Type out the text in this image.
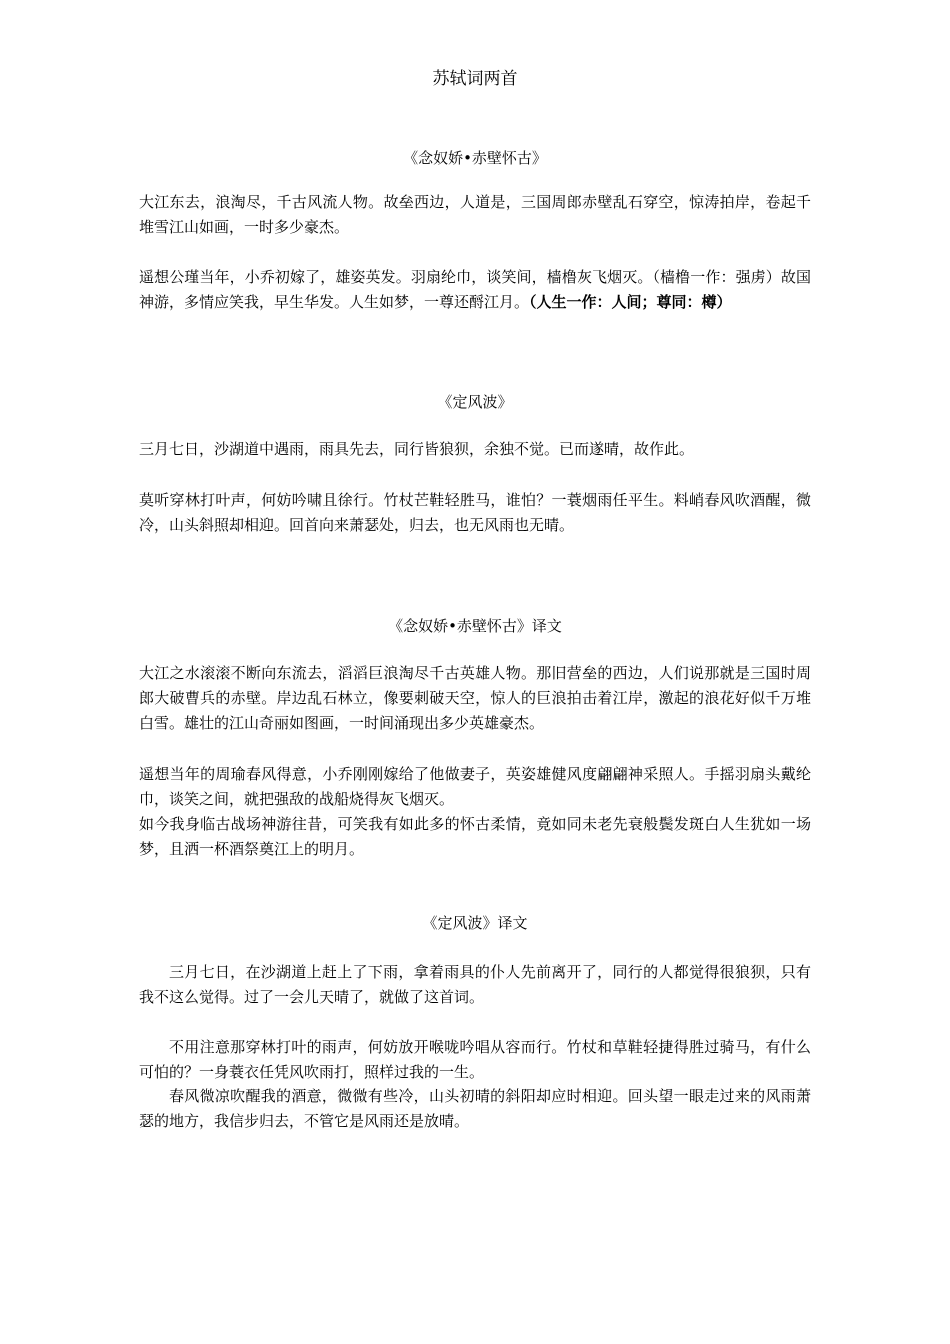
苏轼词两首
《念奴娇•赤壁怀古》

大江东去，浪淘尽，千古风流人物。故垒西边，人道是，三国周郎赤壁乱石穿空，惊涛拍岸，卷起千堆雪江山如画，一时多少豪杰。

遥想公瑾当年，小乔初嫁了，雄姿英发。羽扇纶巾，谈笑间，樯橹灰飞烟灭。（樯橹一作：强虏）故国神游，多情应笑我，早生华发。人生如梦，一尊还酹江月。（人生一作：人间；尊同：樽）

《定风波》

三月七日，沙湖道中遇雨，雨具先去，同行皆狼狈，余独不觉。已而遂晴，故作此。

莫听穿林打叶声，何妨吟啸且徐行。竹杖芒鞋轻胜马，谁怕？一蓑烟雨任平生。料峭春风吹酒醒，微冷，山头斜照却相迎。回首向来萧瑟处，归去，也无风雨也无晴。

《念奴娇•赤壁怀古》译文

大江之水滚滚不断向东流去，滔滔巨浪淘尽千古英雄人物。那旧营垒的西边，人们说那就是三国时周郎大破曹兵的赤壁。岸边乱石林立，像要刺破天空，惊人的巨浪拍击着江岸，激起的浪花好似千万堆白雪。雄壮的江山奇丽如图画，一时间涌现出多少英雄豪杰。

遥想当年的周瑜春风得意，小乔刚刚嫁给了他做妻子，英姿雄健风度翩翩神采照人。手摇羽扇头戴纶巾，谈笑之间，就把强敌的战船烧得灰飞烟灭。

如今我身临古战场神游往昔，可笑我有如此多的怀古柔情，竟如同未老先衰般鬓发斑白人生犹如一场梦，且洒一杯酒祭奠江上的明月。

《定风波》译文

三月七日，在沙湖道上赶上了下雨，拿着雨具的仆人先前离开了，同行的人都觉得很狼狈，只有我不这么觉得。过了一会儿天晴了，就做了这首词。

不用注意那穿林打叶的雨声，何妨放开喉咙吟唱从容而行。竹杖和草鞋轻捷得胜过骑马，有什么可怕的？一身蓑衣任凭风吹雨打，照样过我的一生。

春风微凉吹醒我的酒意，微微有些冷，山头初晴的斜阳却应时相迎。回头望一眼走过来的风雨萧瑟的地方，我信步归去，不管它是风雨还是放晴。
